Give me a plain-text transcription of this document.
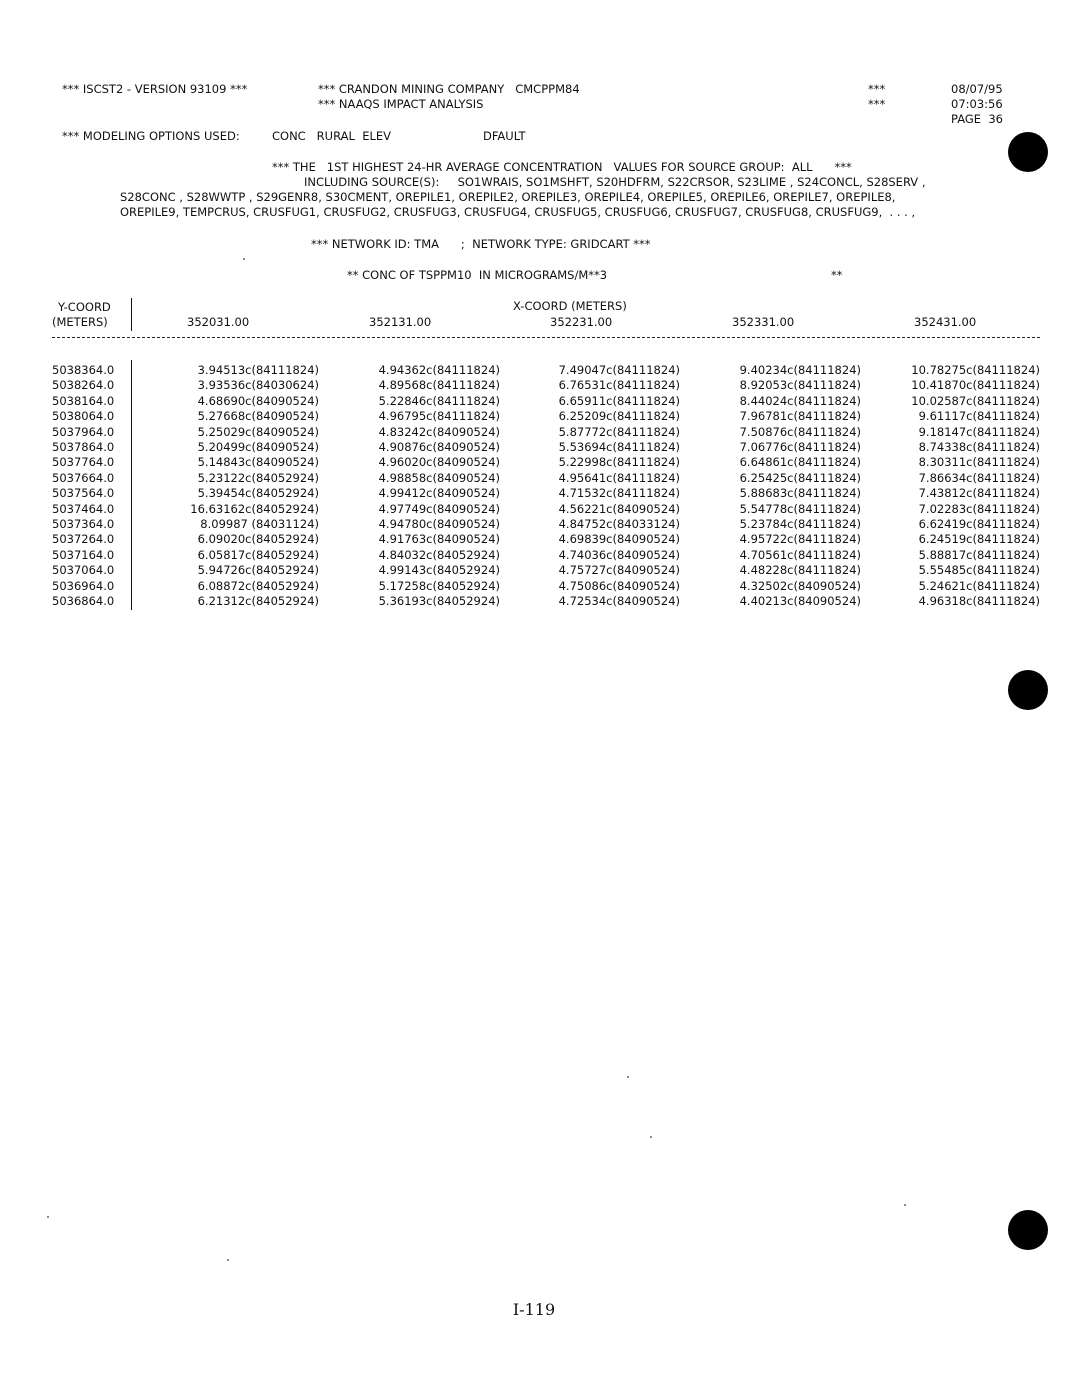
*** ISCST2 - VERSION 93109 ***	*** CRANDON MINING COMPANY   CMCPPM84
*** NAAQS IMPACT ANALYSIS
***
***
08/07/95
07:03:56
PAGE  36
*** MODELING OPTIONS USED:	CONC   RURAL  ELEV	DFAULT
*** THE   1ST HIGHEST 24-HR AVERAGE CONCENTRATION   VALUES FOR SOURCE GROUP:  ALL      ***
INCLUDING SOURCE(S):     SO1WRAIS, SO1MSHFT, S20HDFRM, S22CRSOR, S23LIME , S24CONCL, S28SERV ,
S28CONC , S28WWTP , S29GENR8, S30CMENT, OREPILE1, OREPILE2, OREPILE3, OREPILE4, OREPILE5, OREPILE6, OREPILE7, OREPILE8,
OREPILE9, TEMPCRUS, CRUSFUG1, CRUSFUG2, CRUSFUG3, CRUSFUG4, CRUSFUG5, CRUSFUG6, CRUSFUG7, CRUSFUG8, CRUSFUG9,  . . . ,
*** NETWORK ID: TMA      ;  NETWORK TYPE: GRIDCART ***
** CONC OF TSPPM10  IN MICROGRAMS/M**3	**
Y-COORD
(METERS)
X-COORD (METERS)
352031.00	352131.00	352231.00	352331.00	352431.00
5038364.0	3.94513c(84111824)	4.94362c(84111824)	7.49047c(84111824)	9.40234c(84111824)	10.78275c(84111824)
5038264.0	3.93536c(84030624)	4.89568c(84111824)	6.76531c(84111824)	8.92053c(84111824)	10.41870c(84111824)
5038164.0	4.68690c(84090524)	5.22846c(84111824)	6.65911c(84111824)	8.44024c(84111824)	10.02587c(84111824)
5038064.0	5.27668c(84090524)	4.96795c(84111824)	6.25209c(84111824)	7.96781c(84111824)	9.61117c(84111824)
5037964.0	5.25029c(84090524)	4.83242c(84090524)	5.87772c(84111824)	7.50876c(84111824)	9.18147c(84111824)
5037864.0	5.20499c(84090524)	4.90876c(84090524)	5.53694c(84111824)	7.06776c(84111824)	8.74338c(84111824)
5037764.0	5.14843c(84090524)	4.96020c(84090524)	5.22998c(84111824)	6.64861c(84111824)	8.30311c(84111824)
5037664.0	5.23122c(84052924)	4.98858c(84090524)	4.95641c(84111824)	6.25425c(84111824)	7.86634c(84111824)
5037564.0	5.39454c(84052924)	4.99412c(84090524)	4.71532c(84111824)	5.88683c(84111824)	7.43812c(84111824)
5037464.0	16.63162c(84052924)	4.97749c(84090524)	4.56221c(84090524)	5.54778c(84111824)	7.02283c(84111824)
5037364.0	8.09987 (84031124)	4.94780c(84090524)	4.84752c(84033124)	5.23784c(84111824)	6.62419c(84111824)
5037264.0	6.09020c(84052924)	4.91763c(84090524)	4.69839c(84090524)	4.95722c(84111824)	6.24519c(84111824)
5037164.0	6.05817c(84052924)	4.84032c(84052924)	4.74036c(84090524)	4.70561c(84111824)	5.88817c(84111824)
5037064.0	5.94726c(84052924)	4.99143c(84052924)	4.75727c(84090524)	4.48228c(84111824)	5.55485c(84111824)
5036964.0	6.08872c(84052924)	5.17258c(84052924)	4.75086c(84090524)	4.32502c(84090524)	5.24621c(84111824)
5036864.0	6.21312c(84052924)	5.36193c(84052924)	4.72534c(84090524)	4.40213c(84090524)	4.96318c(84111824)
I-119
